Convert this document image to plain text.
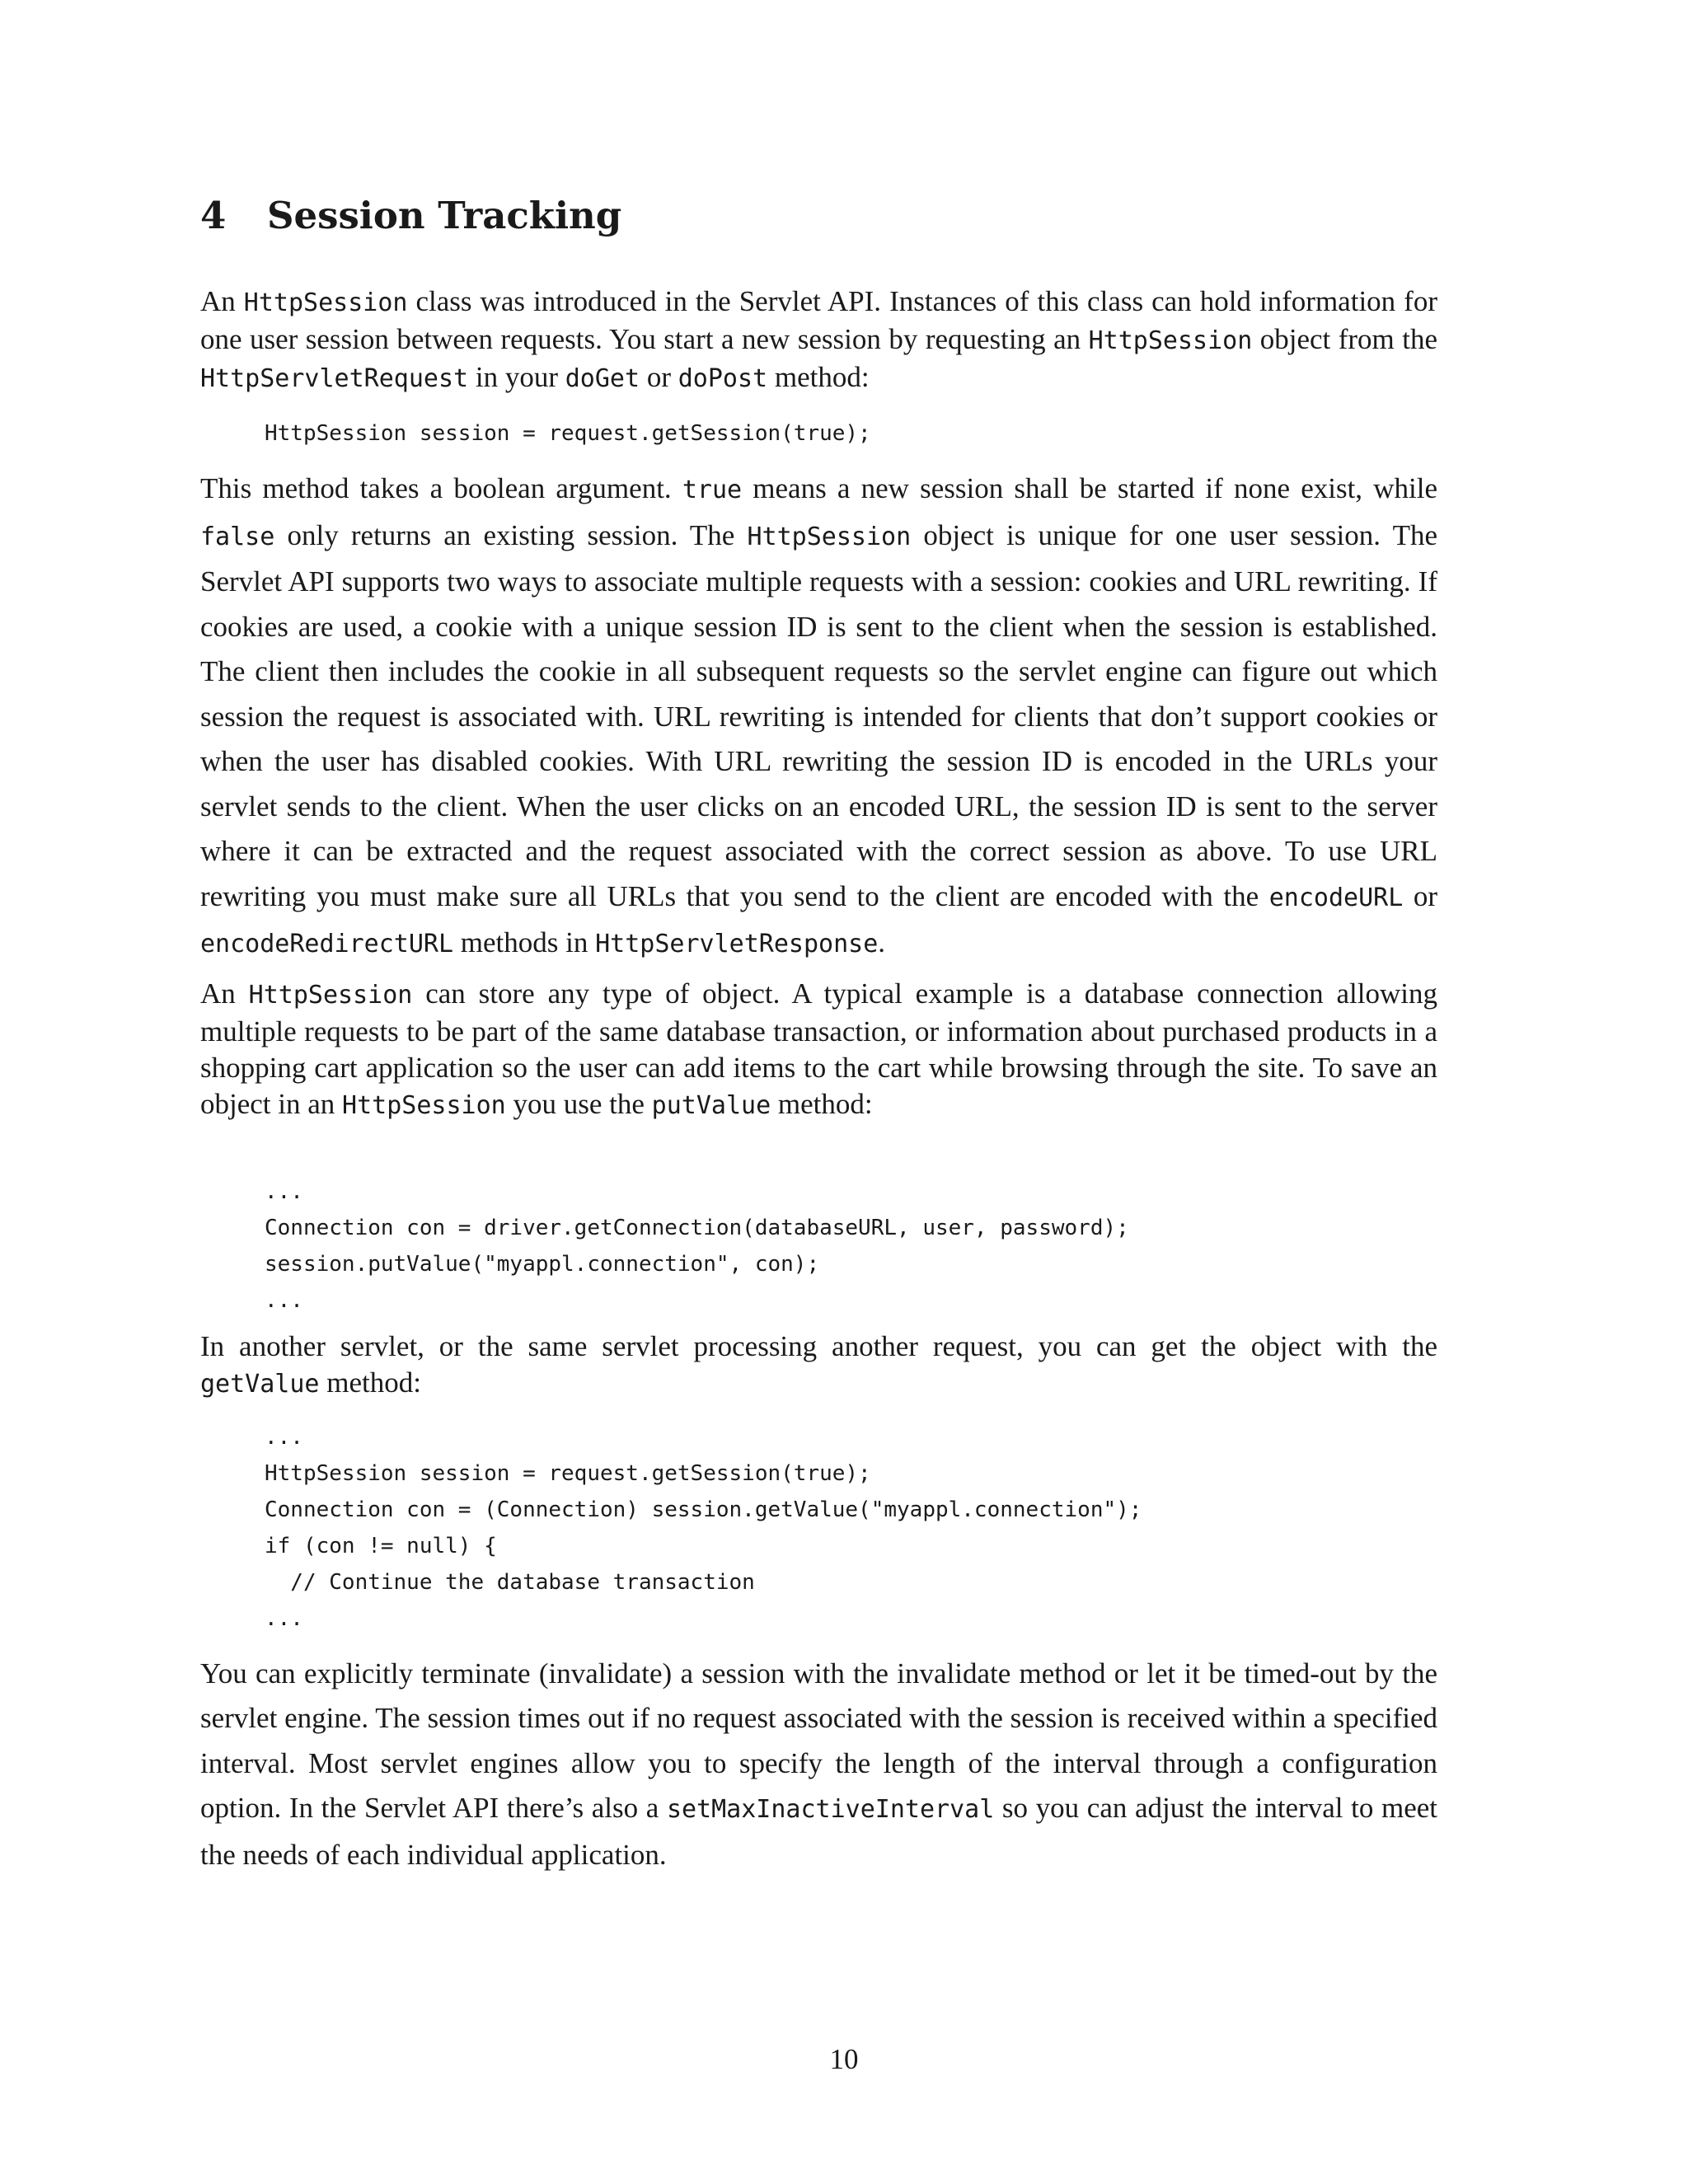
4 Session Tracking

An HttpSession class was introduced in the Servlet API. Instances of this class can hold information for one user session between requests. You start a new session by requesting an HttpSession object from the HttpServletRequest in your doGet or doPost method:

HttpSession session = request.getSession(true);

This method takes a boolean argument. true means a new session shall be started if none exist, while false only returns an existing session. The HttpSession object is unique for one user session. The Servlet API supports two ways to associate multiple requests with a session: cookies and URL rewriting. If cookies are used, a cookie with a unique session ID is sent to the client when the session is established. The client then includes the cookie in all subsequent requests so the servlet engine can figure out which session the request is associated with. URL rewriting is intended for clients that don’t support cookies or when the user has disabled cookies. With URL rewriting the session ID is encoded in the URLs your servlet sends to the client. When the user clicks on an encoded URL, the session ID is sent to the server where it can be extracted and the request associated with the correct session as above. To use URL rewriting you must make sure all URLs that you send to the client are encoded with the encodeURL or encodeRedirectURL methods in HttpServletResponse.

An HttpSession can store any type of object. A typical example is a database connection allowing multiple requests to be part of the same database transaction, or information about purchased products in a shopping cart application so the user can add items to the cart while browsing through the site. To save an object in an HttpSession you use the putValue method:

...
Connection con = driver.getConnection(databaseURL, user, password);
session.putValue("myappl.connection", con);
...

In another servlet, or the same servlet processing another request, you can get the object with the getValue method:

...
HttpSession session = request.getSession(true);
Connection con = (Connection) session.getValue("myappl.connection");
if (con != null) {
// Continue the database transaction
...

You can explicitly terminate (invalidate) a session with the invalidate method or let it be timed-out by the servlet engine. The session times out if no request associated with the session is received within a specified interval. Most servlet engines allow you to specify the length of the interval through a configuration option. In the Servlet API there’s also a setMaxInactiveInterval so you can adjust the interval to meet the needs of each individual application.

10
